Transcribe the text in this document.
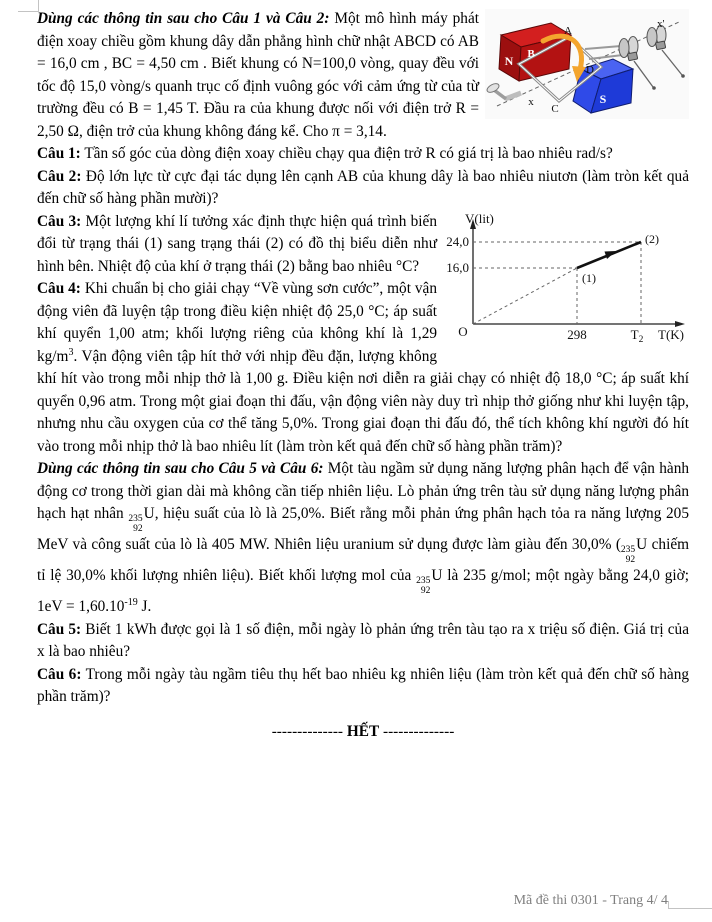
N B
S
A
C
D
x
x'
Dùng các thông tin sau cho Câu 1 và Câu 2: Một mô hình máy phát điện xoay chiều gồm khung dây dẫn phẳng hình chữ nhật ABCD có AB = 16,0 cm , BC = 4,50 cm . Biết khung có N=100,0 vòng, quay đều với tốc độ 15,0 vòng/s quanh trục cố định vuông góc với cảm ứng từ của từ trường đều có B = 1,45 T. Đầu ra của khung được nối với điện trở R = 2,50 Ω, điện trở của khung không đáng kể. Cho π = 3,14.

Câu 1: Tần số góc của dòng điện xoay chiều chạy qua điện trở R có giá trị là bao nhiêu rad/s?

Câu 2: Độ lớn lực từ cực đại tác dụng lên cạnh AB của khung dây là bao nhiêu niutơn (làm tròn kết quả đến chữ số hàng phần mười)?

V(lit)
24,0
16,0
O	298	$T_2$ T(K)
(1)
(2)
Câu 3: Một lượng khí lí tưởng xác định thực hiện quá trình biến đổi từ trạng thái (1) sang trạng thái (2) có đồ thị biểu diễn như hình bên. Nhiệt độ của khí ở trạng thái (2) bằng bao nhiêu °C?

Câu 4: Khi chuẩn bị cho giải chạy “Về vùng sơn cước”, một vận động viên đã luyện tập trong điều kiện nhiệt độ 25,0 °C; áp suất khí quyển 1,00 atm; khối lượng riêng của không khí là 1,29 $kg/m^3$. Vận động viên tập hít thở với nhịp đều đặn, lượng không khí hít vào trong mỗi nhịp thở là 1,00 g. Điều kiện nơi diễn ra giải chạy có nhiệt độ 18,0 °C; áp suất khí quyển 0,96 atm. Trong một giai đoạn thi đấu, vận động viên này duy trì nhịp thở giống như khi luyện tập, nhưng nhu cầu oxygen của cơ thể tăng 5,0%. Trong giai đoạn thi đấu đó, thể tích không khí người đó hít vào trong mỗi nhịp thở là bao nhiêu lít (làm tròn kết quả đến chữ số hàng phần trăm)?

Dùng các thông tin sau cho Câu 5 và Câu 6: Một tàu ngầm sử dụng năng lượng phân hạch để vận hành động cơ trong thời gian dài mà không cần tiếp nhiên liệu. Lò phản ứng trên tàu sử dụng năng lượng phân hạch hạt nhân 235
92
U, hiệu suất của lò là 25,0%. Biết rằng mỗi phản ứng phân hạch tỏa ra năng lượng 205 MeV và công suất của lò là 405 MW. Nhiên liệu uranium sử dụng được làm giàu đến 30,0% ( 235
92
U chiếm tỉ lệ 30,0% khối lượng nhiên liệu). Biết khối lượng mol của 235
92
U là 235 g/mol; một ngày bằng 24,0 giờ; $1eV = 1,60.10^{-19}$ J.

Câu 5: Biết 1 kWh được gọi là 1 số điện, mỗi ngày lò phản ứng trên tàu tạo ra x triệu số điện. Giá trị của x là bao nhiêu?

Câu 6: Trong mỗi ngày tàu ngầm tiêu thụ hết bao nhiêu kg nhiên liệu (làm tròn kết quả đến chữ số hàng phần trăm)?

-------------- HẾT --------------

Mã đề thi 0301 - Trang 4/ 4
